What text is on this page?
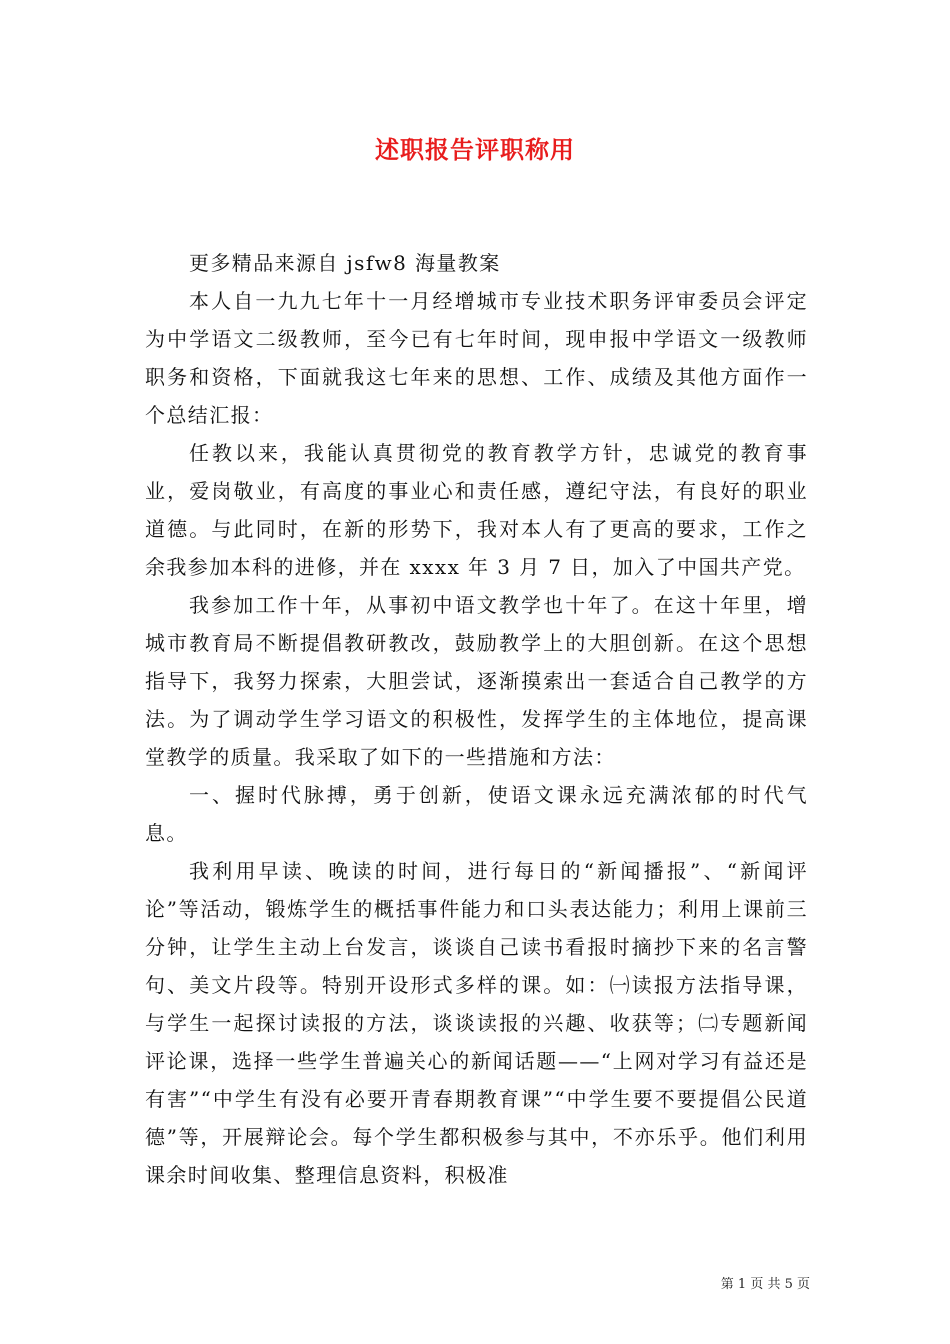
述职报告评职称用

更多精品来源自 jsfw8 海量教案

本人自一九九七年十一月经增城市专业技术职务评审委员会评定为中学语文二级教师，至今已有七年时间，现申报中学语文一级教师职务和资格，下面就我这七年来的思想、工作、成绩及其他方面作一个总结汇报：

任教以来，我能认真贯彻党的教育教学方针，忠诚党的教育事业，爱岗敬业，有高度的事业心和责任感，遵纪守法，有良好的职业道德。与此同时，在新的形势下，我对本人有了更高的要求，工作之余我参加本科的进修，并在 xxxx 年 3 月 7 日，加入了中国共产党。

我参加工作十年，从事初中语文教学也十年了。在这十年里，增城市教育局不断提倡教研教改，鼓励教学上的大胆创新。在这个思想指导下，我努力探索，大胆尝试，逐渐摸索出一套适合自己教学的方法。为了调动学生学习语文的积极性，发挥学生的主体地位，提高课堂教学的质量。我采取了如下的一些措施和方法：

一、握时代脉搏，勇于创新，使语文课永远充满浓郁的时代气息。

我利用早读、晚读的时间，进行每日的“新闻播报”、“新闻评论”等活动，锻炼学生的概括事件能力和口头表达能力；利用上课前三分钟，让学生主动上台发言，谈谈自己读书看报时摘抄下来的名言警句、美文片段等。特别开设形式多样的课。如：㈠读报方法指导课，与学生一起探讨读报的方法，谈谈读报的兴趣、收获等；㈡专题新闻评论课，选择一些学生普遍关心的新闻话题——“上网对学习有益还是有害”“中学生有没有必要开青春期教育课”“中学生要不要提倡公民道德”等，开展辩论会。每个学生都积极参与其中，不亦乐乎。他们利用课余时间收集、整理信息资料，积极准

第 1 页 共 5 页
